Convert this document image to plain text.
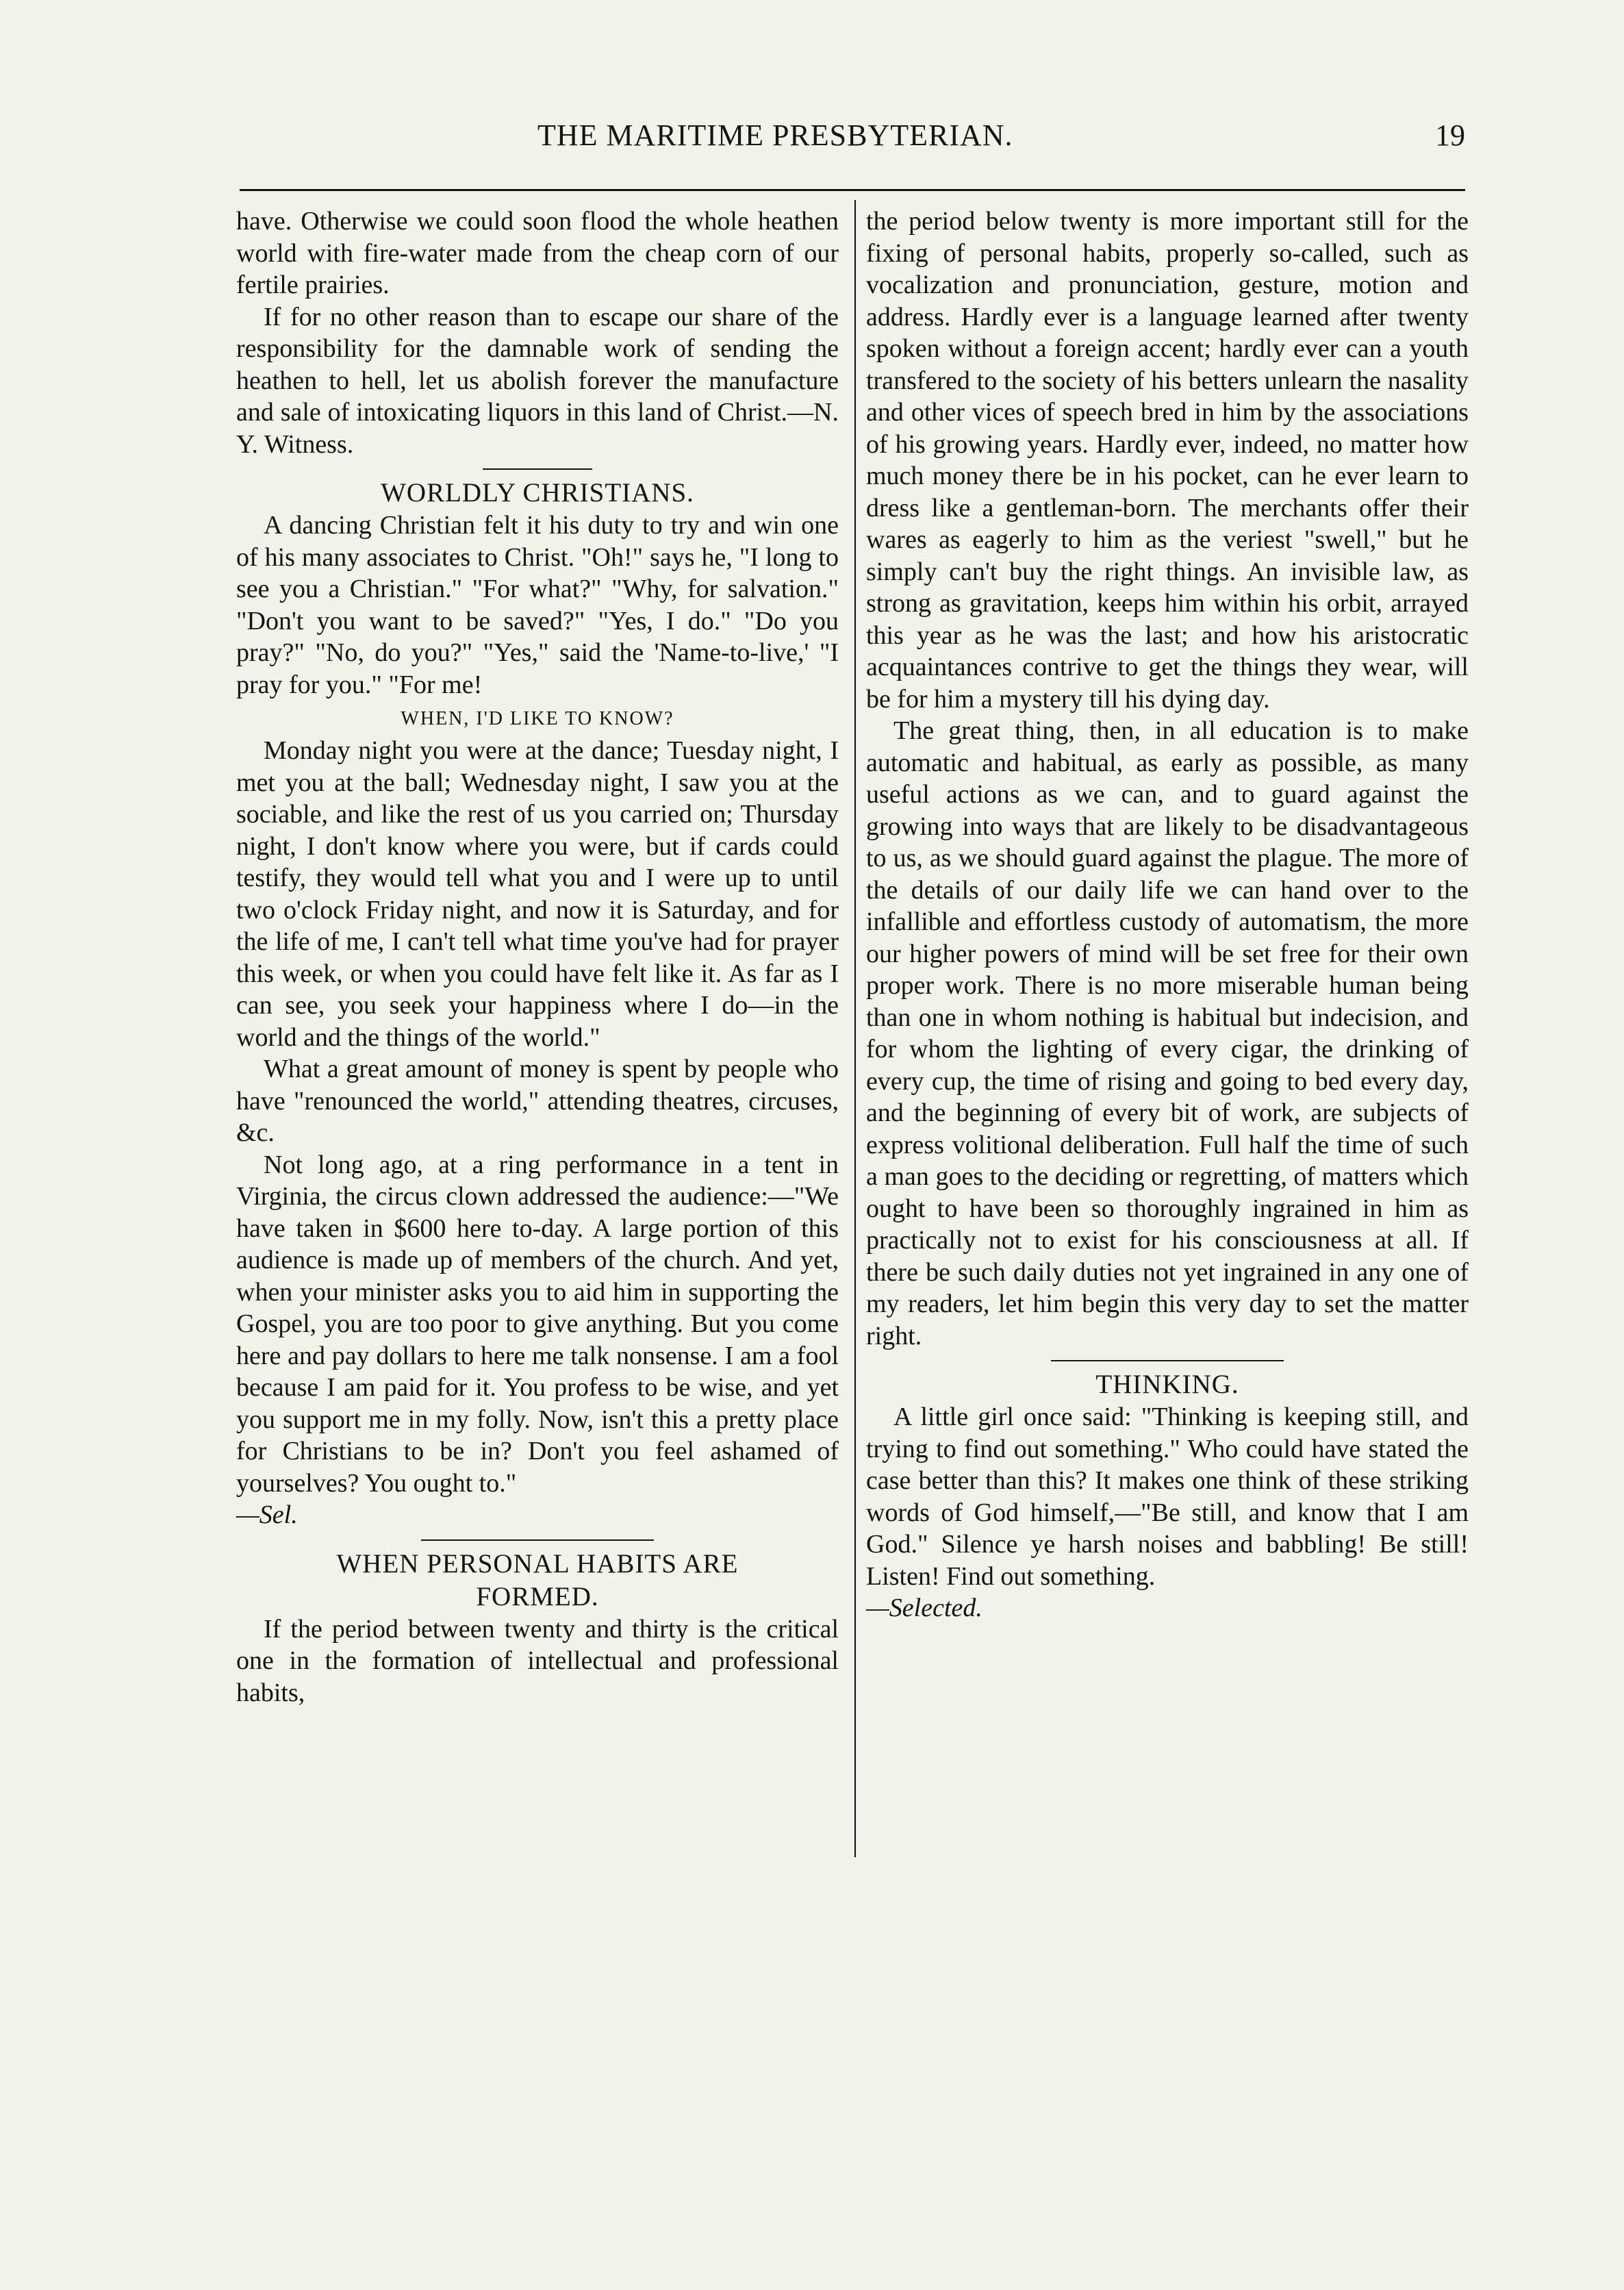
THE MARITIME PRESBYTERIAN.	19

have. Otherwise we could soon flood the whole heathen world with fire-water made from the cheap corn of our fertile prairies.

If for no other reason than to escape our share of the responsibility for the damnable work of sending the heathen to hell, let us abolish forever the manufacture and sale of intoxicating liquors in this land of Christ.—N. Y. Witness.

WORLDLY CHRISTIANS.

A dancing Christian felt it his duty to try and win one of his many associates to Christ. "Oh!" says he, "I long to see you a Christian." "For what?" "Why, for salvation." "Don't you want to be saved?" "Yes, I do." "Do you pray?" "No, do you?" "Yes," said the 'Name-to-live,' "I pray for you." "For me!

WHEN, I'D LIKE TO KNOW?

Monday night you were at the dance; Tuesday night, I met you at the ball; Wednesday night, I saw you at the sociable, and like the rest of us you carried on; Thursday night, I don't know where you were, but if cards could testify, they would tell what you and I were up to until two o'clock Friday night, and now it is Saturday, and for the life of me, I can't tell what time you've had for prayer this week, or when you could have felt like it. As far as I can see, you seek your happiness where I do—in the world and the things of the world."

What a great amount of money is spent by people who have "renounced the world," attending theatres, circuses, &c.

Not long ago, at a ring performance in a tent in Virginia, the circus clown addressed the audience:—"We have taken in $600 here to-day. A large portion of this audience is made up of members of the church. And yet, when your minister asks you to aid him in supporting the Gospel, you are too poor to give anything. But you come here and pay dollars to here me talk nonsense. I am a fool because I am paid for it. You profess to be wise, and yet you support me in my folly. Now, isn't this a pretty place for Christians to be in? Don't you feel ashamed of yourselves? You ought to."

—Sel.

WHEN PERSONAL HABITS ARE
FORMED.

If the period between twenty and thirty is the critical one in the formation of intellectual and professional habits,

the period below twenty is more important still for the fixing of personal habits, properly so-called, such as vocalization and pronunciation, gesture, motion and address. Hardly ever is a language learned after twenty spoken without a foreign accent; hardly ever can a youth transfered to the society of his betters unlearn the nasality and other vices of speech bred in him by the associations of his growing years. Hardly ever, indeed, no matter how much money there be in his pocket, can he ever learn to dress like a gentleman-born. The merchants offer their wares as eagerly to him as the veriest "swell," but he simply can't buy the right things. An invisible law, as strong as gravitation, keeps him within his orbit, arrayed this year as he was the last; and how his aristocratic acquaintances contrive to get the things they wear, will be for him a mystery till his dying day.

The great thing, then, in all education is to make automatic and habitual, as early as possible, as many useful actions as we can, and to guard against the growing into ways that are likely to be disadvantageous to us, as we should guard against the plague. The more of the details of our daily life we can hand over to the infallible and effortless custody of automatism, the more our higher powers of mind will be set free for their own proper work. There is no more miserable human being than one in whom nothing is habitual but indecision, and for whom the lighting of every cigar, the drinking of every cup, the time of rising and going to bed every day, and the beginning of every bit of work, are subjects of express volitional deliberation. Full half the time of such a man goes to the deciding or regretting, of matters which ought to have been so thoroughly ingrained in him as practically not to exist for his consciousness at all. If there be such daily duties not yet ingrained in any one of my readers, let him begin this very day to set the matter right.

THINKING.

A little girl once said: "Thinking is keeping still, and trying to find out something." Who could have stated the case better than this? It makes one think of these striking words of God himself,—"Be still, and know that I am God." Silence ye harsh noises and babbling! Be still! Listen! Find out something.

—Selected.
